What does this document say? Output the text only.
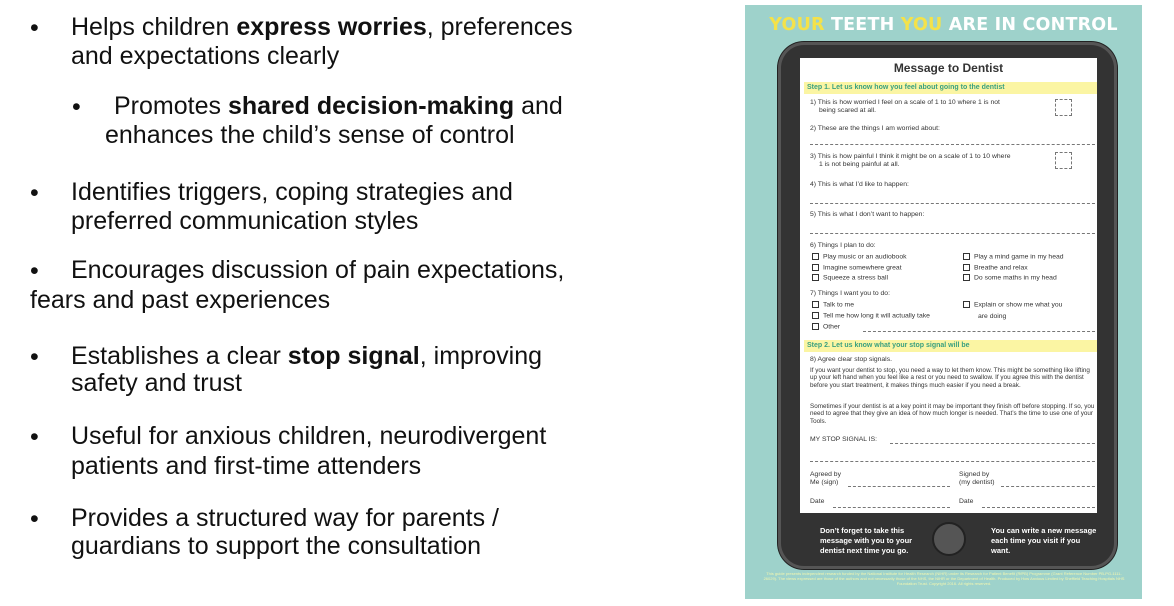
• Helps children express worries, preferences
and expectations clearly
• Promotes shared decision-making and
enhances the child’s sense of control
• Identifies triggers, coping strategies and
preferred communication styles
• Encourages discussion of pain expectations,
fears and past experiences
• Establishes a clear stop signal, improving
safety and trust
• Useful for anxious children, neurodivergent
patients and first-time attenders
• Provides a structured way for parents /
guardians to support the consultation
YOUR TEETH YOU ARE IN CONTROL
Message to Dentist
Step 1. Let us know how you feel about going to the dentist
1) This is how worried I feel on a scale of 1 to 10 where 1 is not
being scared at all.
2) These are the things I am worried about:
3) This is how painful I think it might be on a scale of 1 to 10 where
1 is not being painful at all.
4) This is what I’d like to happen:
5) This is what I don’t want to happen:
6) Things I plan to do:
Play music or an audiobook
Imagine somewhere great
Squeeze a stress ball
Play a mind game in my head
Breathe and relax
Do some maths in my head
7) Things I want you to do:
Talk to me
Tell me how long it will actually take
Other
Explain or show me what you
are doing
Step 2. Let us know what your stop signal will be
8) Agree clear stop signals.
If you want your dentist to stop, you need a way to let them know. This might be something like lifting up your left hand when you feel like a rest or you need to swallow. If you agree this with the dentist before you start treatment, it makes things much easier if you need a break.
Sometimes if your dentist is at a key point it may be important they finish off before stopping. If so, you need to agree that they give an idea of how much longer is needed. That’s the time to use one of your Tools.
MY STOP SIGNAL IS:
Agreed by
Me (sign)
Signed by
(my dentist)
Date	Date
Don’t forget to take this message with you to your dentist next time you go.
You can write a new message each time you visit if you want.
This guide presents independent research funded by the National Institute for Health Research (NIHR) under its Research for Patient Benefit (RfPB) Programme (Grant Reference Number PB-PG-1111-26029). The views expressed are those of the authors and not necessarily those of the NHS, the NIHR or the Department of Health. Produced by How Anxious Limited by Sheffield Teaching Hospitals NHS Foundation Trust. Copyright 2016. All rights reserved.
